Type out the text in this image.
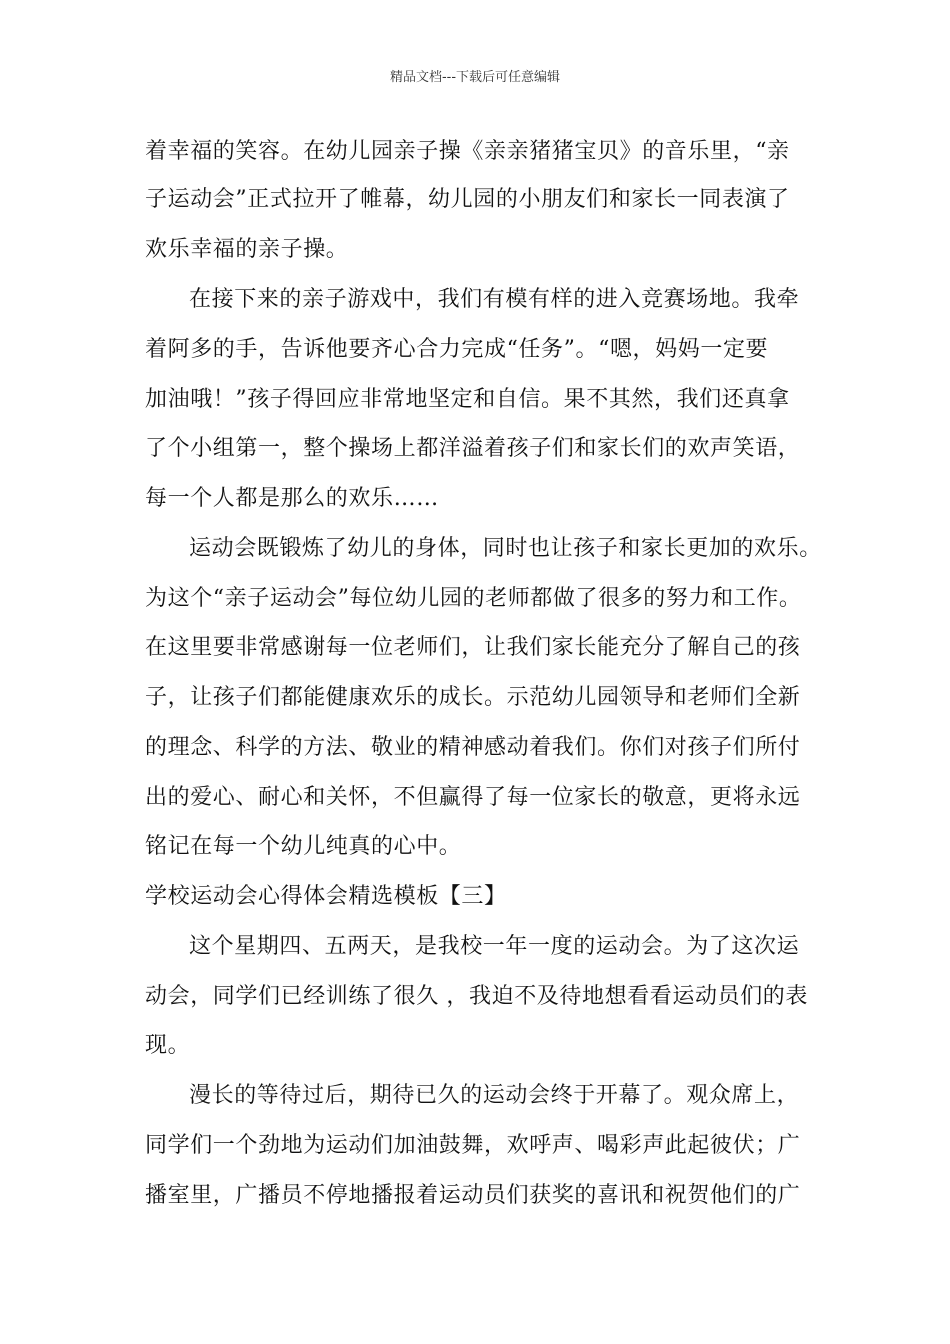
精品文档---下载后可任意编辑
着幸福的笑容。在幼儿园亲子操《亲亲猪猪宝贝》的音乐里，“亲
子运动会”正式拉开了帷幕，幼儿园的小朋友们和家长一同表演了
欢乐幸福的亲子操。
在接下来的亲子游戏中，我们有模有样的进入竞赛场地。我牵
着阿多的手，告诉他要齐心合力完成“任务”。“嗯，妈妈一定要
加油哦！”孩子得回应非常地坚定和自信。果不其然，我们还真拿
了个小组第一，整个操场上都洋溢着孩子们和家长们的欢声笑语，
每一个人都是那么的欢乐……
运动会既锻炼了幼儿的身体，同时也让孩子和家长更加的欢乐。
为这个“亲子运动会”每位幼儿园的老师都做了很多的努力和工作。
在这里要非常感谢每一位老师们，让我们家长能充分了解自己的孩
子，让孩子们都能健康欢乐的成长。示范幼儿园领导和老师们全新
的理念、科学的方法、敬业的精神感动着我们。你们对孩子们所付
出的爱心、耐心和关怀，不但赢得了每一位家长的敬意，更将永远
铭记在每一个幼儿纯真的心中。
学校运动会心得体会精选模板【三】
这个星期四、五两天，是我校一年一度的运动会。为了这次运
动会，同学们已经训练了很久 ，我迫不及待地想看看运动员们的表
现。
漫长的等待过后，期待已久的运动会终于开幕了。观众席上，
同学们一个劲地为运动们加油鼓舞，欢呼声、喝彩声此起彼伏；广
播室里，广播员不停地播报着运动员们获奖的喜讯和祝贺他们的广
